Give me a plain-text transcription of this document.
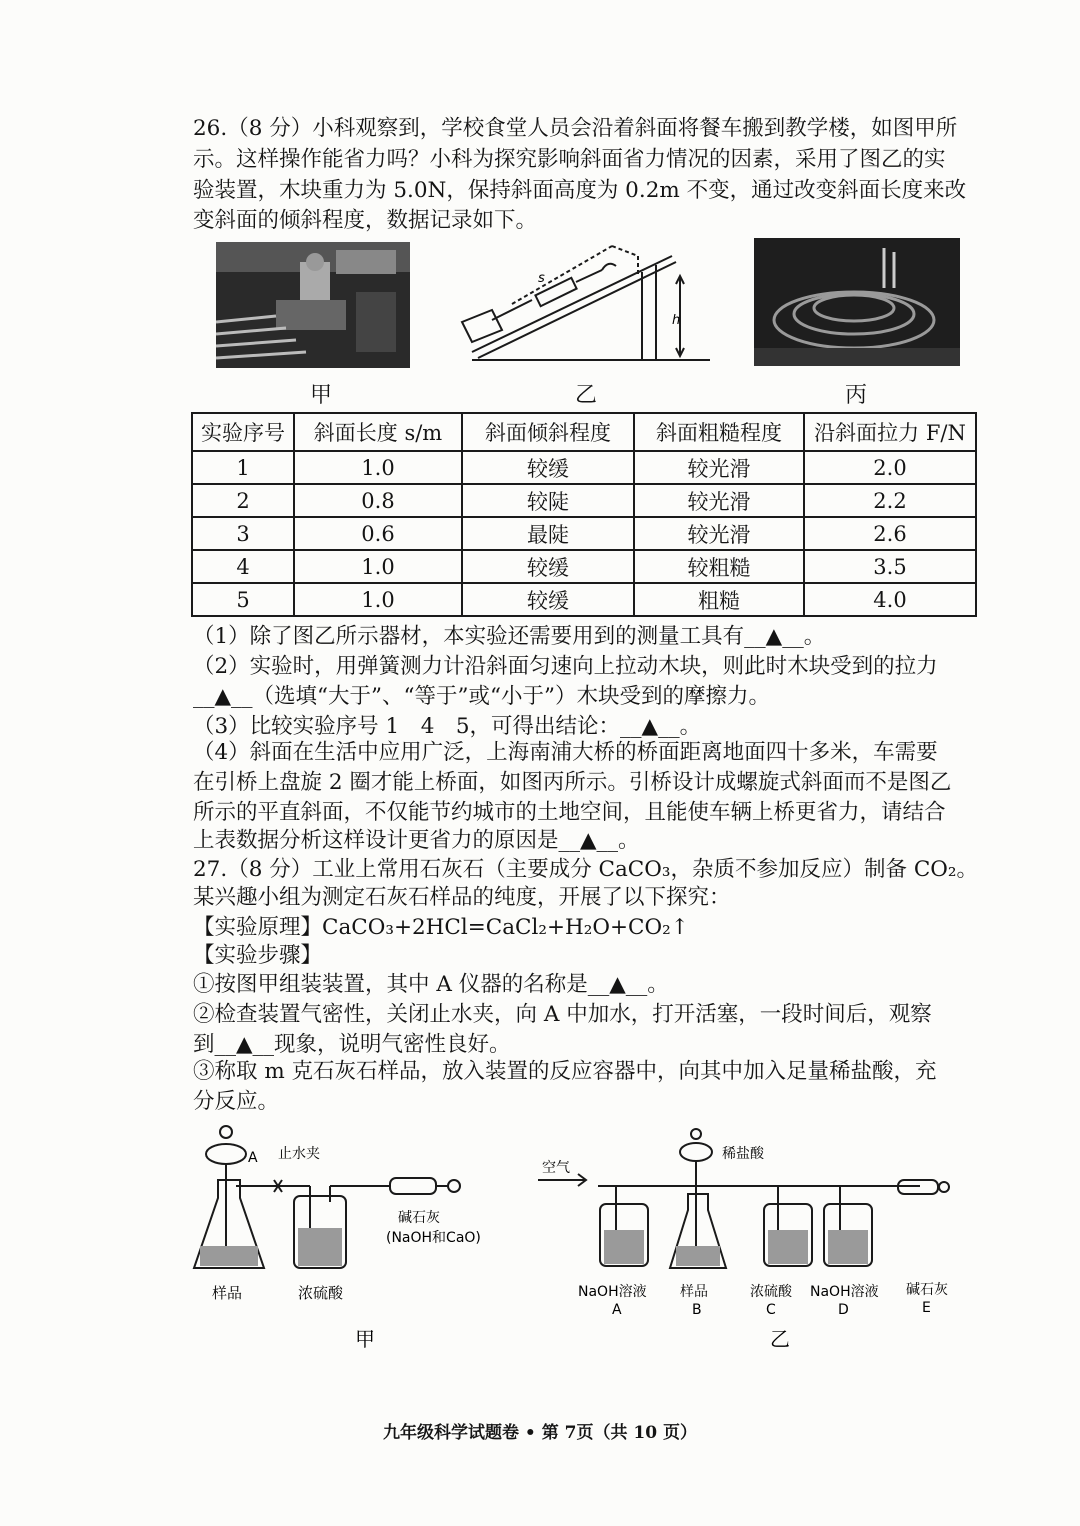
26.（8 分）小科观察到，学校食堂人员会沿着斜面将餐车搬到教学楼，如图甲所
示。这样操作能省力吗？小科为探究影响斜面省力情况的因素，采用了图乙的实
验装置，木块重力为 5.0N，保持斜面高度为 0.2m 不变，通过改变斜面长度来改
变斜面的倾斜程度，数据记录如下。
s
h
甲	乙	丙
实验序号	斜面长度 s/m	斜面倾斜程度	斜面粗糙程度	沿斜面拉力 F/N
1	1.0	较缓	较光滑	2.0
2	0.8	较陡	较光滑	2.2
3	0.6	最陡	较光滑	2.6
4	1.0	较缓	较粗糙	3.5
5	1.0	较缓	粗糙	4.0
（1）除了图乙所示器材，本实验还需要用到的测量工具有__▲__。
（2）实验时，用弹簧测力计沿斜面匀速向上拉动木块，则此时木块受到的拉力
__▲__（选填“大于”、“等于”或“小于”）木块受到的摩擦力。
（3）比较实验序号 1　4　5，可得出结论：__▲__。
（4）斜面在生活中应用广泛，上海南浦大桥的桥面距离地面四十多米，车需要
在引桥上盘旋 2 圈才能上桥面，如图丙所示。引桥设计成螺旋式斜面而不是图乙
所示的平直斜面，不仅能节约城市的土地空间，且能使车辆上桥更省力，请结合
上表数据分析这样设计更省力的原因是__▲__。
27.（8 分）工业上常用石灰石（主要成分 CaCO₃，杂质不参加反应）制备 CO₂。
某兴趣小组为测定石灰石样品的纯度，开展了以下探究：
【实验原理】CaCO₃+2HCl=CaCl₂+H₂O+CO₂↑
【实验步骤】
①按图甲组装装置，其中 A 仪器的名称是__▲__。
②检查装置气密性，关闭止水夹，向 A 中加水，打开活塞，一段时间后，观察
到__▲__现象，说明气密性良好。
③称取 m 克石灰石样品，放入装置的反应容器中，向其中加入足量稀盐酸，充
分反应。
A 止水夹
样品	浓硫酸
碱石灰
(NaOH和CaO)
甲
空气
稀盐酸
NaOH溶液
A
样品
B
浓硫酸
C
NaOH溶液
D
碱石灰
E
乙
九年级科学试题卷 • 第 7页（共 10 页）
